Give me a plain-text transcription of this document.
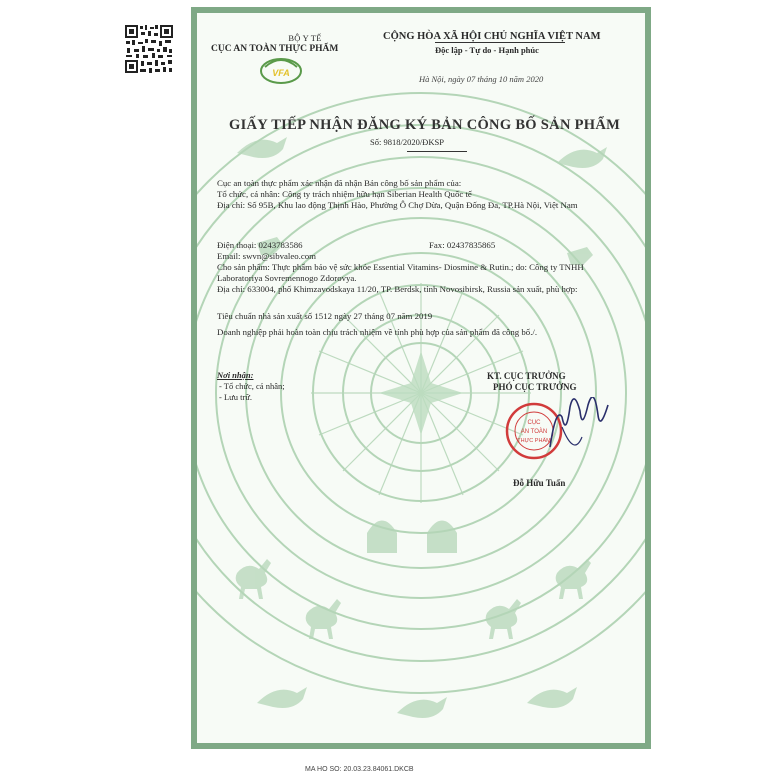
BỘ Y TẾ
CỤC AN TOÀN THỰC PHẨM
VFA
CỘNG HÒA XÃ HỘI CHỦ NGHĨA VIỆT NAM
Độc lập - Tự do - Hạnh phúc
Hà Nội, ngày 07 tháng 10 năm 2020
GIẤY TIẾP NHẬN ĐĂNG KÝ BẢN CÔNG BỐ SẢN PHẨM
Số: 9818/2020/ĐKSP
Cục an toàn thực phẩm xác nhận đã nhận Bản công bố sản phẩm của:
Tổ chức, cá nhân: Công ty trách nhiệm hữu hạn Siberian Health Quốc tế
Địa chỉ: Số 95B, Khu lao động Thịnh Hào, Phường Ô Chợ Dừa, Quận Đống Đa, TP.Hà Nội, Việt Nam
Điện thoại: 0243783586	Fax: 02437835865
Email: swvn@sibvaleo.com
Cho sản phẩm: Thực phẩm bảo vệ sức khỏe Essential Vitamins- Diosmine & Rutin.; do: Công ty TNHH Laboratoriya Sovremennogo Zdorovya.
Địa chỉ: 633004, phố Khimzavodskaya 11/20, TP. Berdsk, tỉnh Novosibirsk, Russia sản xuất, phù hợp:
Tiêu chuẩn nhà sản xuất số 1512 ngày 27 tháng 07 năm 2019
Doanh nghiệp phải hoàn toàn chịu trách nhiệm về tính phù hợp của sản phẩm đã công bố./.
Nơi nhận:
- Tổ chức, cá nhân;
- Lưu trữ.
KT. CỤC TRƯỞNG
PHÓ CỤC TRƯỞNG
CỤC
AN TOÀN
THỰC PHẨM
Đỗ Hữu Tuấn
MA HO SO: 20.03.23.84061.DKCB
